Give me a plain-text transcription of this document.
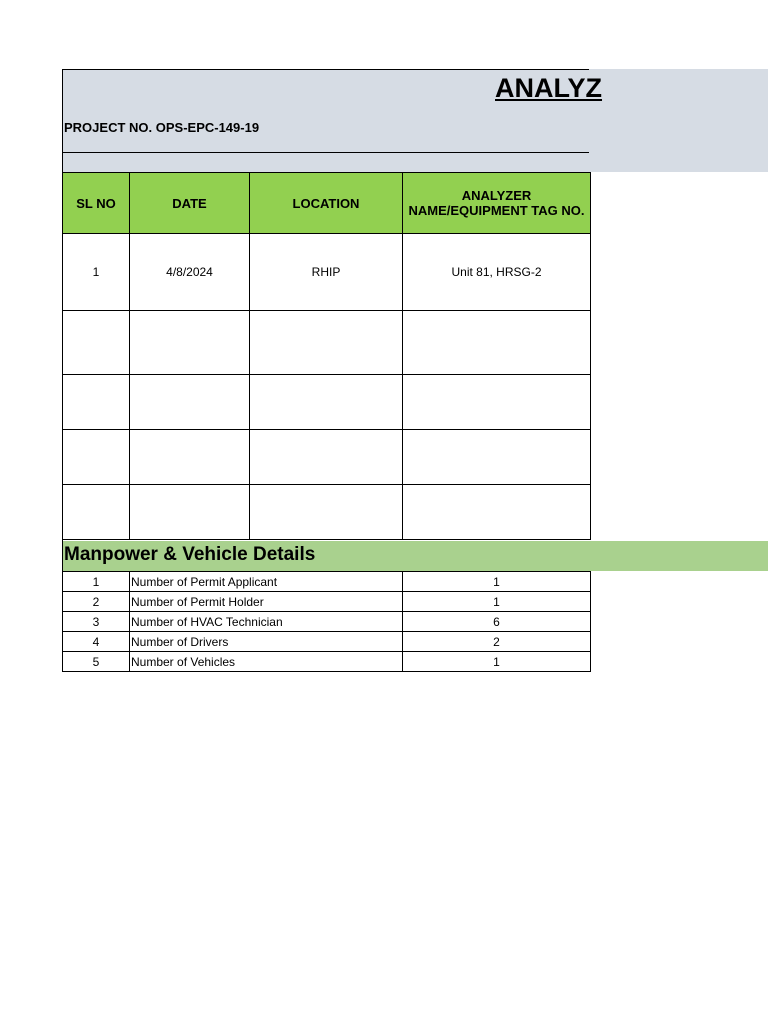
ANALYZ
PROJECT NO. OPS-EPC-149-19
SL NO	DATE	LOCATION	ANALYZER
NAME/EQUIPMENT TAG NO.
1	4/8/2024	RHIP	Unit 81, HRSG-2

Manpower & Vehicle Details
1	Number of Permit Applicant	1
2	Number of Permit Holder	1
3	Number of HVAC Technician	6
4	Number of Drivers	2
5	Number of Vehicles	1
